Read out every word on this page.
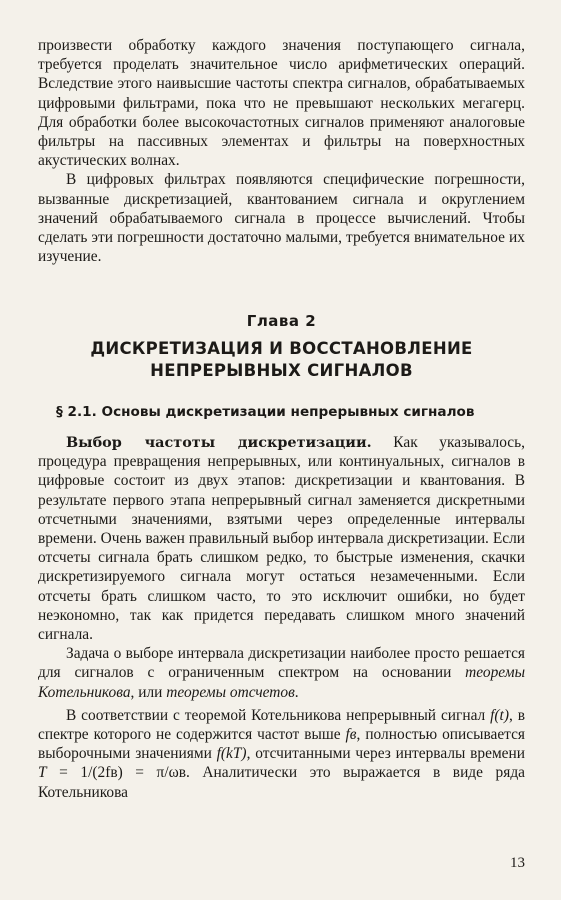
произвести обработку каждого значения поступающего сигнала, требуется проделать значительное число арифметических операций. Вследствие этого наивысшие частоты спектра сигналов, обрабатываемых цифровыми фильтрами, пока что не превышают нескольких мегагерц. Для обработки более высокочастотных сигналов применяют аналоговые фильтры на пассивных элементах и фильтры на поверхностных акустических волнах.

В цифровых фильтрах появляются специфические погрешности, вызванные дискретизацией, квантованием сигнала и округлением значений обрабатываемого сигнала в процессе вычислений. Чтобы сделать эти погрешности достаточно малыми, требуется внимательное их изучение.

Глава 2
ДИСКРЕТИЗАЦИЯ И ВОССТАНОВЛЕНИЕ
НЕПРЕРЫВНЫХ СИГНАЛОВ
§ 2.1. Основы дискретизации непрерывных сигналов

Выбор частоты дискретизации. Как указывалось, процедура превращения непрерывных, или континуальных, сигналов в цифровые состоит из двух этапов: дискретизации и квантования. В результате первого этапа непрерывный сигнал заменяется дискретными отсчетными значениями, взятыми через определенные интервалы времени. Очень важен правильный выбор интервала дискретизации. Если отсчеты сигнала брать слишком редко, то быстрые изменения, скачки дискретизируемого сигнала могут остаться незамеченными. Если отсчеты брать слишком часто, то это исключит ошибки, но будет неэкономно, так как придется передавать слишком много значений сигнала.

Задача о выборе интервала дискретизации наиболее просто решается для сигналов с ограниченным спектром на основании теоремы Котельникова, или теоремы отсчетов.

В соответствии с теоремой Котельникова непрерывный сигнал f(t), в спектре которого не содержится частот выше fв, полностью описывается выборочными значениями f(kT), отсчитанными через интервалы времени T = 1/(2fв) = π/ωв. Аналитически это выражается в виде ряда Котельникова

13
